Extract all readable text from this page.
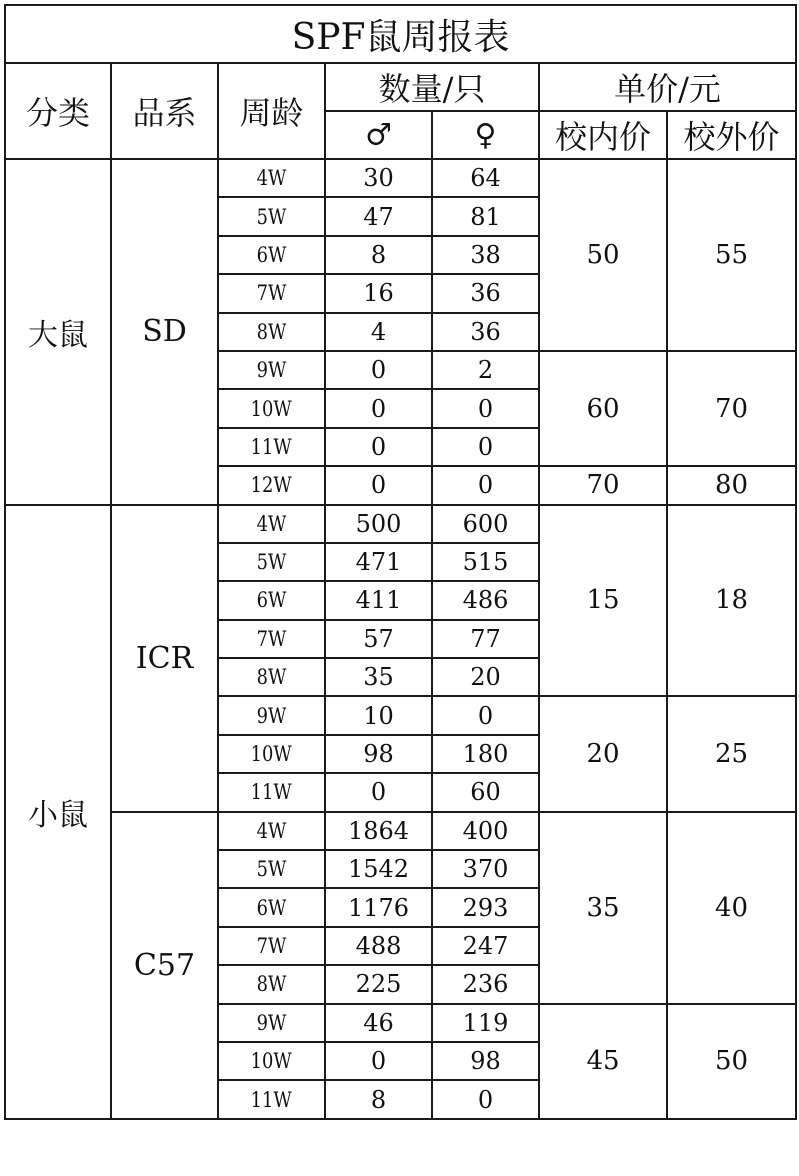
SPF鼠周报表						
分类	品系	周龄	数量/只		单价/元	
			♂	♀	校内价	校外价
大鼠	SD	4W	30	64	50	55
		5W	47	81		
		6W	8	38		
		7W	16	36		
		8W	4	36		
		9W	0	2	60	70
		10W	0	0		
		11W	0	0		
		12W	0	0	70	80
小鼠	ICR	4W	500	600	15	18
		5W	471	515		
		6W	411	486		
		7W	57	77		
		8W	35	20		
		9W	10	0	20	25
		10W	98	180		
		11W	0	60		
	C57	4W	1864	400	35	40
		5W	1542	370		
		6W	1176	293		
		7W	488	247		
		8W	225	236		
		9W	46	119	45	50
		10W	0	98		
		11W	8	0		
